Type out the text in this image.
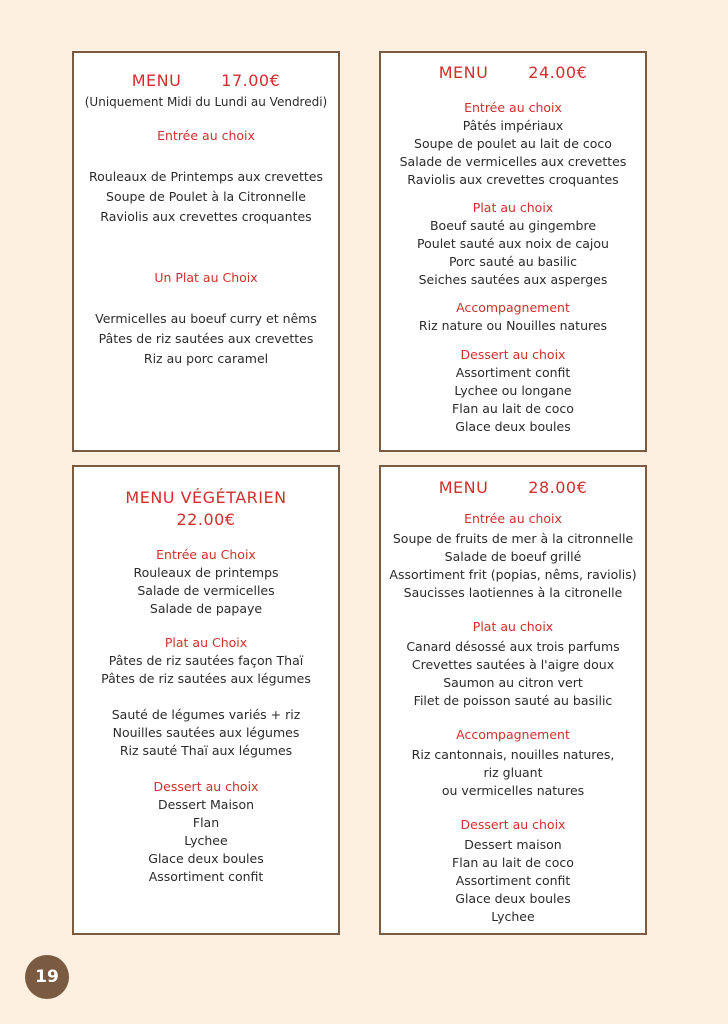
MENU	17.00€
(Uniquement Midi du Lundi au Vendredi)
Entrée au choix
Rouleaux de Printemps aux crevettes
Soupe de Poulet à la Citronnelle
Raviolis aux crevettes croquantes
Un Plat au Choix
Vermicelles au boeuf curry et nêms
Pâtes de riz sautées aux crevettes
Riz au porc caramel
MENU	24.00€
Entrée au choix
Pâtés impériaux
Soupe de poulet au lait de coco
Salade de vermicelles aux crevettes
Raviolis aux crevettes croquantes
Plat au choix
Boeuf sauté au gingembre
Poulet sauté aux noix de cajou
Porc sauté au basilic
Seiches sautées aux asperges
Accompagnement
Riz nature ou Nouilles natures
Dessert au choix
Assortiment confit
Lychee ou longane
Flan au lait de coco
Glace deux boules
MENU VÉGÉTARIEN
22.00€
Entrée au Choix
Rouleaux de printemps
Salade de vermicelles
Salade de papaye
Plat au Choix
Pâtes de riz sautées façon Thaï
Pâtes de riz sautées aux légumes
Sauté de légumes variés + riz
Nouilles sautées aux légumes
Riz sauté Thaï aux légumes
Dessert au choix
Dessert Maison
Flan
Lychee
Glace deux boules
Assortiment confit
MENU	28.00€
Entrée au choix
Soupe de fruits de mer à la citronnelle
Salade de boeuf grillé
Assortiment frit (popias, nêms, raviolis)
Saucisses laotiennes à la citronelle
Plat au choix
Canard désossé aux trois parfums
Crevettes sautées à l'aigre doux
Saumon au citron vert
Filet de poisson sauté au basilic
Accompagnement
Riz cantonnais, nouilles natures,
riz gluant
ou vermicelles natures
Dessert au choix
Dessert maison
Flan au lait de coco
Assortiment confit
Glace deux boules
Lychee
19
